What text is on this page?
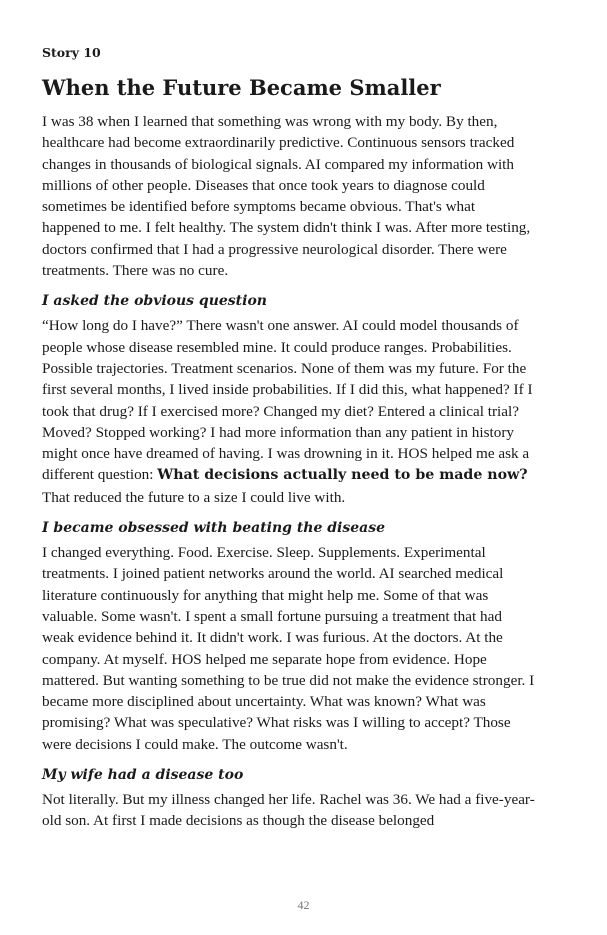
Story 10
When the Future Became Smaller

I was 38 when I learned that something was wrong with my body. By then, healthcare had become extraordinarily predictive. Continuous sensors tracked changes in thousands of biological signals. AI compared my information with millions of other people. Diseases that once took years to diagnose could sometimes be identified before symptoms became obvious. That's what happened to me. I felt healthy. The system didn't think I was. After more testing, doctors confirmed that I had a progressive neurological disorder. There were treatments. There was no cure.

I asked the obvious question

“How long do I have?” There wasn't one answer. AI could model thousands of people whose disease resembled mine. It could produce ranges. Probabilities. Possible trajectories. Treatment scenarios. None of them was my future. For the first several months, I lived inside probabilities. If I did this, what happened? If I took that drug? If I exercised more? Changed my diet? Entered a clinical trial? Moved? Stopped working? I had more information than any patient in history might once have dreamed of having. I was drowning in it. HOS helped me ask a different question: What decisions actually need to be made now? That reduced the future to a size I could live with.

I became obsessed with beating the disease

I changed everything. Food. Exercise. Sleep. Supplements. Experimental treatments. I joined patient networks around the world. AI searched medical literature continuously for anything that might help me. Some of that was valuable. Some wasn't. I spent a small fortune pursuing a treatment that had weak evidence behind it. It didn't work. I was furious. At the doctors. At the company. At myself. HOS helped me separate hope from evidence. Hope mattered. But wanting something to be true did not make the evidence stronger. I became more disciplined about uncertainty. What was known? What was promising? What was speculative? What risks was I willing to accept? Those were decisions I could make. The outcome wasn't.

My wife had a disease too

Not literally. But my illness changed her life. Rachel was 36. We had a five-year-old son. At first I made decisions as though the disease belonged

42
